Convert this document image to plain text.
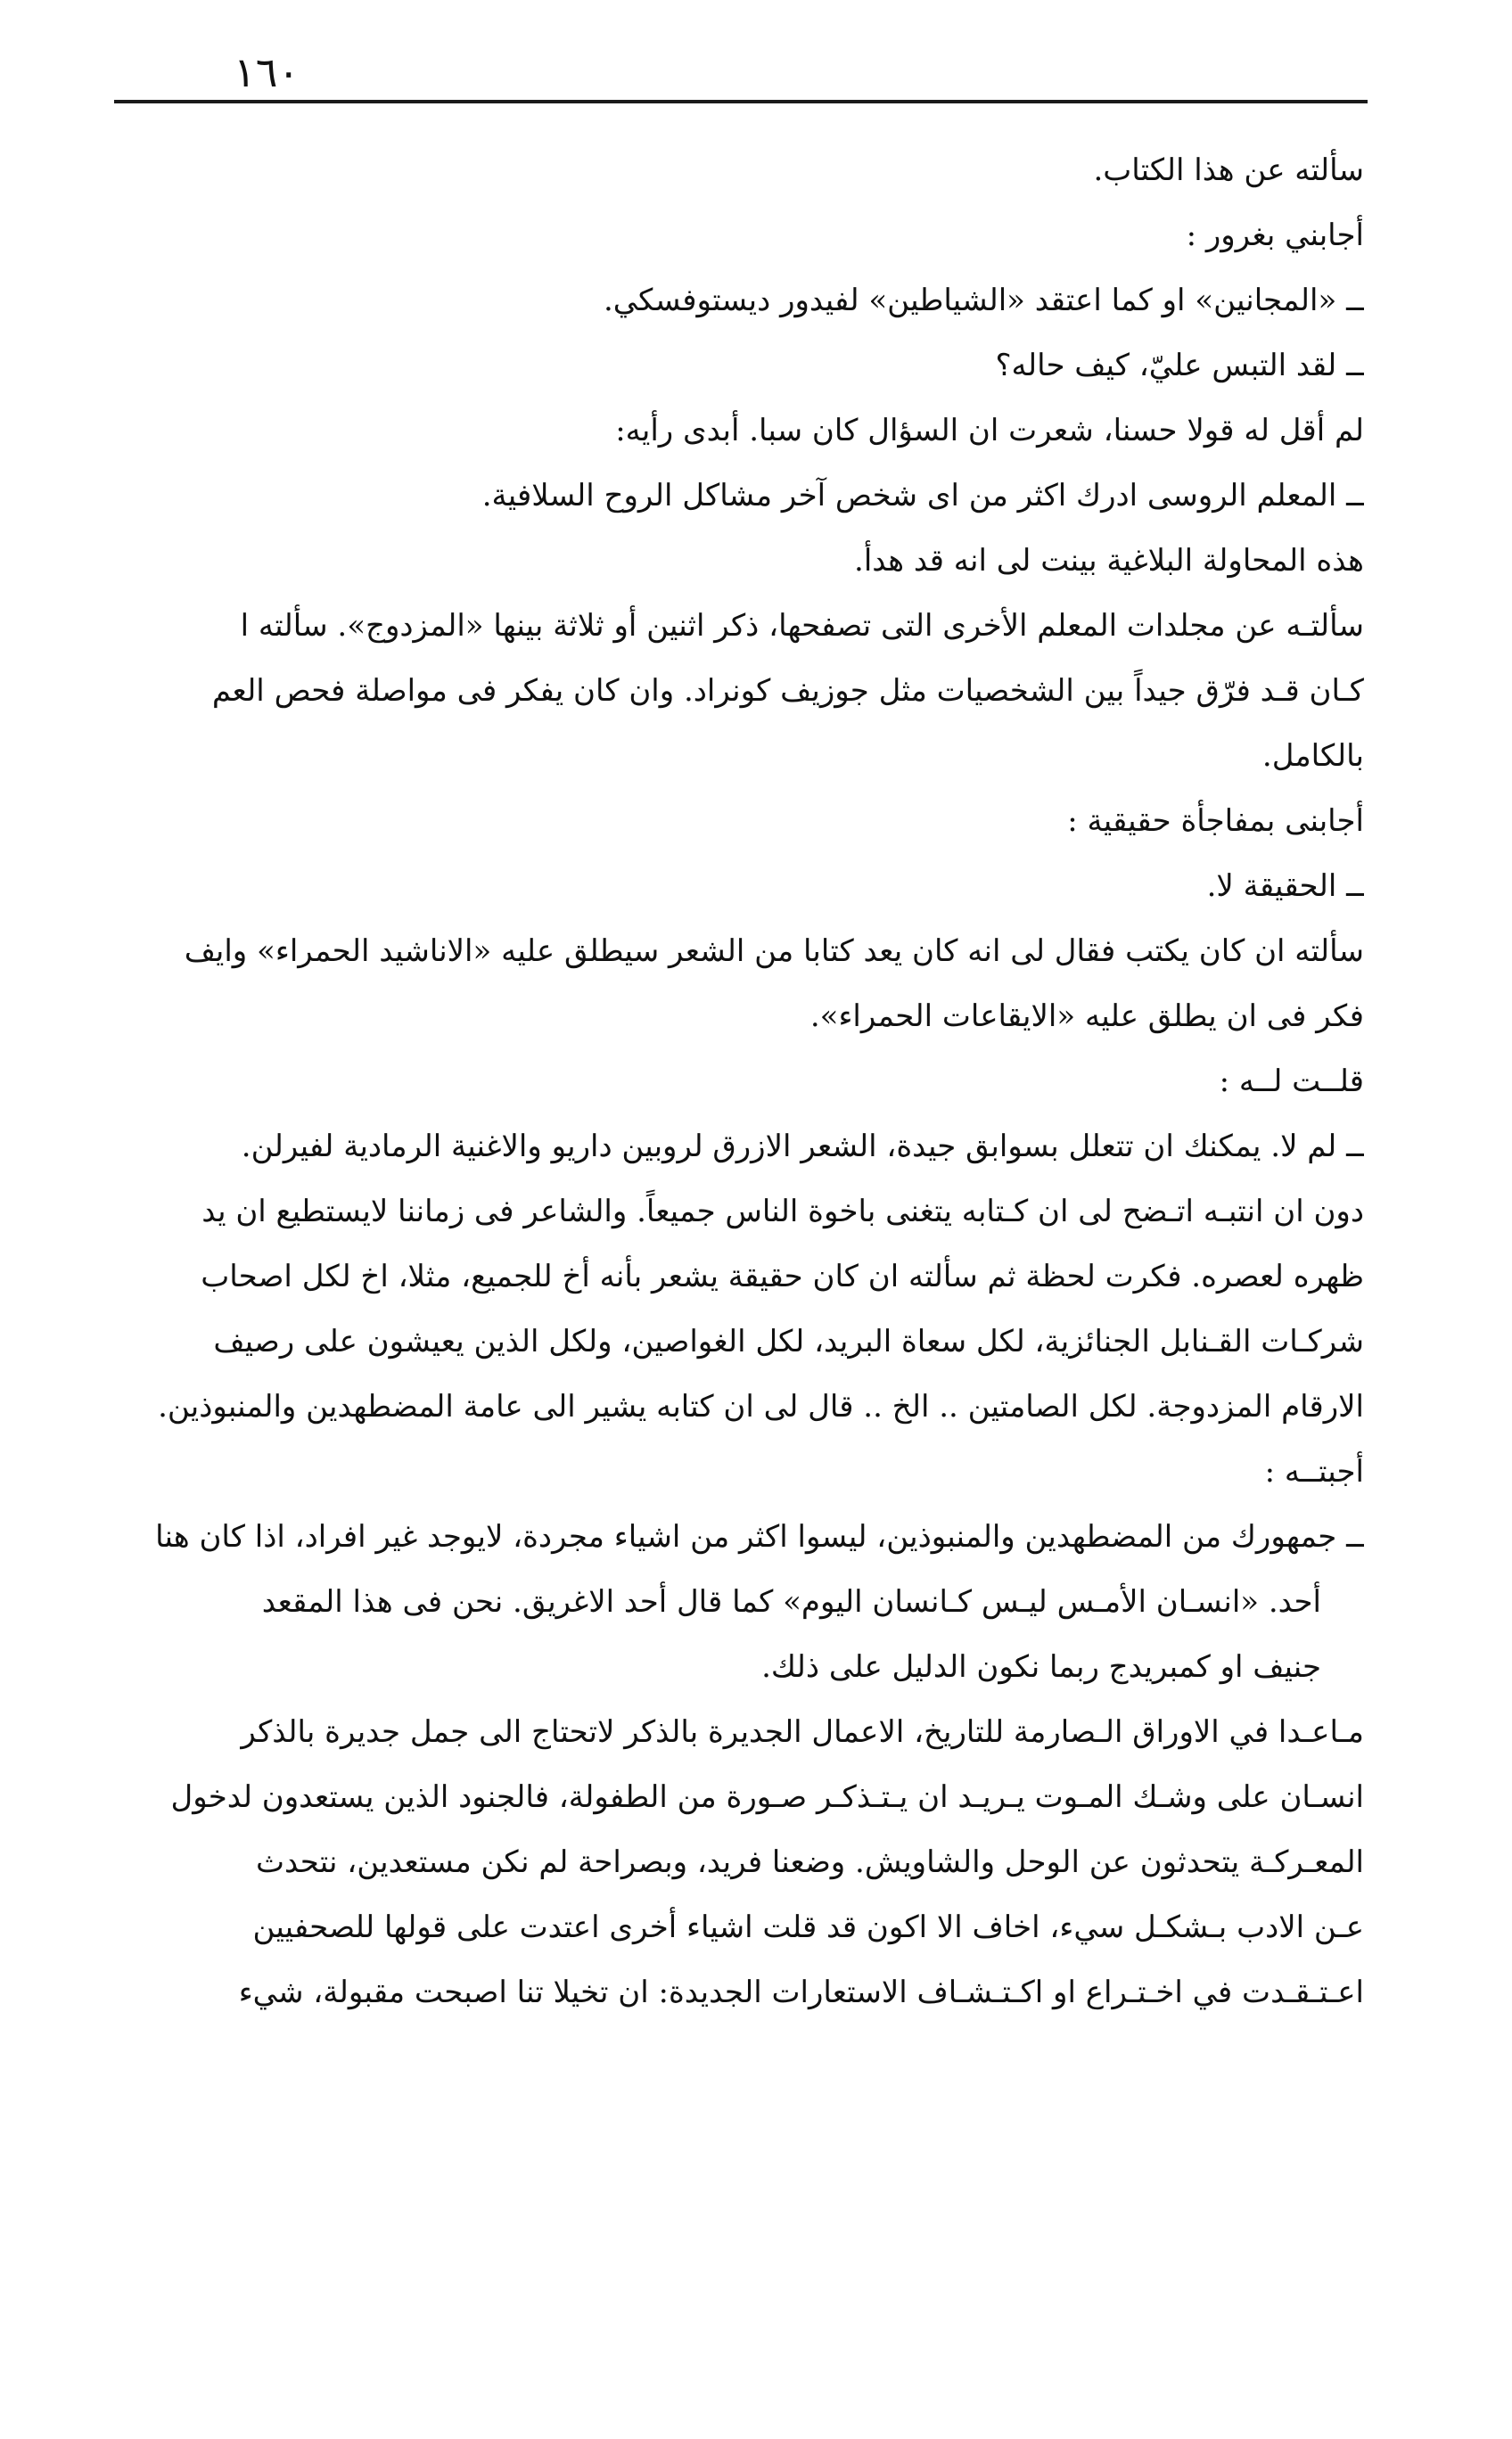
١٦٠
سألته عن هذا الكتاب.
أجابني بغرور :
ــ «المجانين» او كما اعتقد «الشياطين» لفيدور ديستوفسكي.
ــ لقد التبس عليّ، كيف حاله؟
لم أقل له قولا حسنا، شعرت ان السؤال كان سبا. أبدى رأيه:
ــ المعلم الروسى ادرك اكثر من اى شخص آخر مشاكل الروح السلافية.
هذه المحاولة البلاغية بينت لى انه قد هدأ.
سألتـه عن مجلدات المعلم الأخرى التى تصفحها، ذكر اثنين أو ثلاثة بينها «المزدوج». سألته ا
كـان قـد فرّق جيداً بين الشخصيات مثل جوزيف كونراد. وان كان يفكر فى مواصلة فحص العم
بالكامل.
أجابنى بمفاجأة حقيقية :
ــ الحقيقة لا.
سألته ان كان يكتب فقال لى انه كان يعد كتابا من الشعر سيطلق عليه «الاناشيد الحمراء» وايف
فكر فى ان يطلق عليه «الايقاعات الحمراء».
قلــت لــه :
ــ لم لا. يمكنك ان تتعلل بسوابق جيدة، الشعر الازرق لروبين داريو والاغنية الرمادية لفيرلن.
دون ان انتبـه اتـضح لى ان كـتابه يتغنى باخوة الناس جميعاً. والشاعر فى زماننا لايستطيع ان يد
ظهره لعصره. فكرت لحظة ثم سألته ان كان حقيقة يشعر بأنه أخ للجميع، مثلا، اخ لكل اصحاب
شركـات القـنابل الجنائزية، لكل سعاة البريد، لكل الغواصين، ولكل الذين يعيشون على رصيف
الارقام المزدوجة. لكل الصامتين .. الخ .. قال لى ان كتابه يشير الى عامة المضطهدين والمنبوذين.
أجبتــه :
ــ جمهورك من المضطهدين والمنبوذين، ليسوا اكثر من اشياء مجردة، لايوجد غير افراد، اذا كان هنا
أحد. «انسـان الأمـس ليـس كـانسان اليوم» كما قال أحد الاغريق. نحن فى هذا المقعد
جنيف او كمبريدج ربما نكون الدليل على ذلك.
مـاعـدا في الاوراق الـصارمة للتاريخ، الاعمال الجديرة بالذكر لاتحتاج الى جمل جديرة بالذكر
انسـان على وشـك المـوت يـريـد ان يـتـذكـر صـورة من الطفولة، فالجنود الذين يستعدون لدخول
المعـركـة يتحدثون عن الوحل والشاويش. وضعنا فريد، وبصراحة لم نكن مستعدين، نتحدث
عـن الادب بـشكـل سيء، اخاف الا اكون قد قلت اشياء أخرى اعتدت على قولها للصحفيين
اعـتـقـدت في اخـتـراع او اكـتـشـاف الاستعارات الجديدة: ان تخيلا تنا اصبحت مقبولة، شيء
